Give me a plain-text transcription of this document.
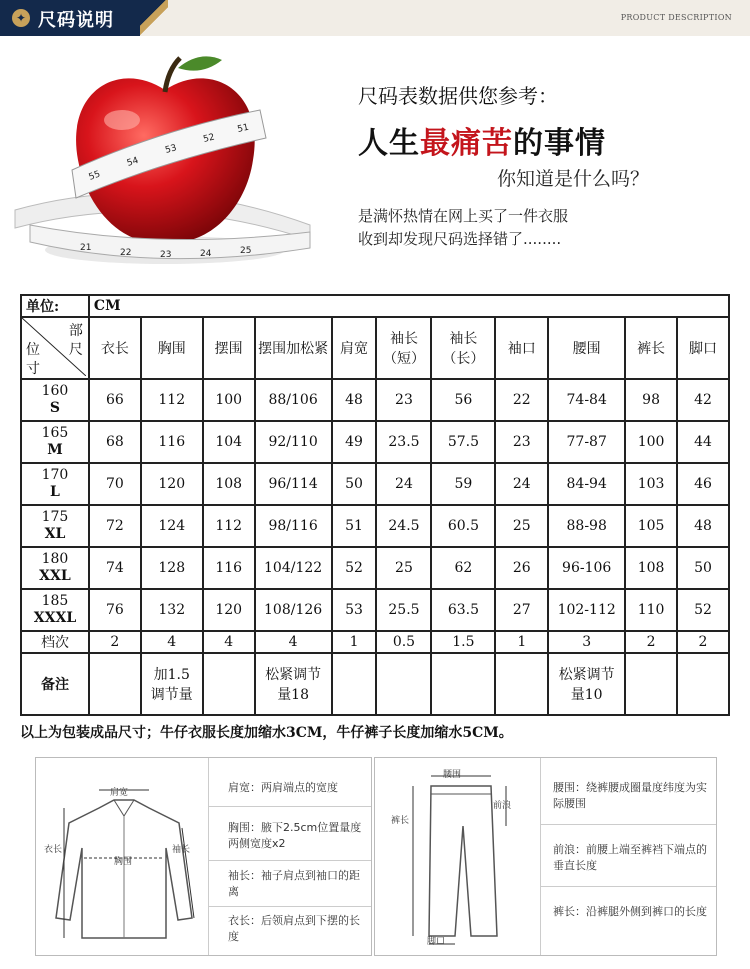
✦ 尺码说明	PRODUCT DESCRIPTION
55
54
53
52
51
21	22	23	24	25
尺码表数据供您参考：
人生最痛苦的事情
你知道是什么吗？
是满怀热情在网上买了一件衣服
收到却发现尺码选择错了........
单位:	CM										

部
尺
位
寸	衣长	胸围	摆围	摆围加松紧	肩宽	袖长（短）	袖长（长）	袖口	腰围	裤长	脚口

160
S	66	112	100	88/106	48	23	56	22	74-84	98	42

165
M	68	116	104	92/110	49	23.5	57.5	23	77-87	100	44

170
L	70	120	108	96/114	50	24	59	24	84-94	103	46

175
XL	72	124	112	98/116	51	24.5	60.5	25	88-98	105	48

180
XXL	74	128	116	104/122	52	25	62	26	96-106	108	50

185
XXXL	76	132	120	108/126	53	25.5	63.5	27	102-112	110	52
档次	2	4	4	4	1	0.5	1.5	1	3	2	2
备注		加1.5调节量		松紧调节量18					松紧调节量10		
以上为包装成品尺寸；牛仔衣服长度加缩水3CM，牛仔裤子长度加缩水5CM。
肩宽
衣长
胸围
袖长
肩宽：两肩端点的宽度
胸围：腋下2.5cm位置量度两侧宽度x2
袖长：袖子肩点到袖口的距离
衣长：后领肩点到下摆的长度
腰围
前浪
裤长
脚口
腰围：绕裤腰成圈量度纬度为实际腰围
前浪：前腰上端至裤裆下端点的垂直长度
裤长：沿裤腿外侧到裤口的长度
